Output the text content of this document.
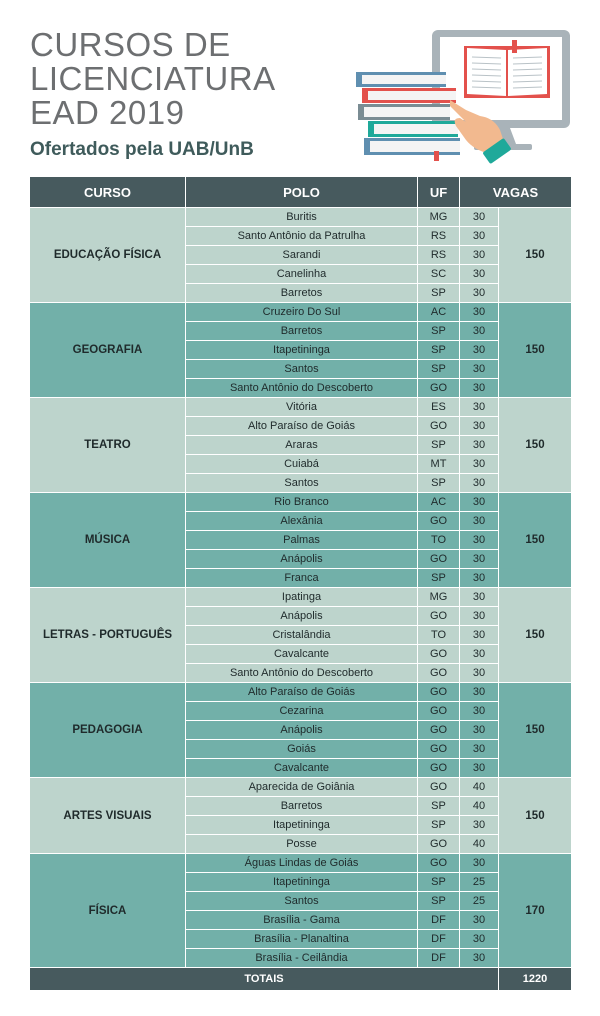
CURSOS DE
LICENCIATURA
EAD 2019
Ofertados pela UAB/UnB
CURSO	POLO	UF	VAGAS	
EDUCAÇÃO FÍSICA	Buritis	MG	30	150
	Santo Antônio da Patrulha	RS	30	
	Sarandi	RS	30	
	Canelinha	SC	30	
	Barretos	SP	30	
GEOGRAFIA	Cruzeiro Do Sul	AC	30	150
	Barretos	SP	30	
	Itapetininga	SP	30	
	Santos	SP	30	
	Santo Antônio do Descoberto	GO	30	
TEATRO	Vitória	ES	30	150
	Alto Paraíso de Goiás	GO	30	
	Araras	SP	30	
	Cuiabá	MT	30	
	Santos	SP	30	
MÚSICA	Rio Branco	AC	30	150
	Alexânia	GO	30	
	Palmas	TO	30	
	Anápolis	GO	30	
	Franca	SP	30	
LETRAS - PORTUGUÊS	Ipatinga	MG	30	150
	Anápolis	GO	30	
	Cristalândia	TO	30	
	Cavalcante	GO	30	
	Santo Antônio do Descoberto	GO	30	
PEDAGOGIA	Alto Paraíso de Goiás	GO	30	150
	Cezarina	GO	30	
	Anápolis	GO	30	
	Goiás	GO	30	
	Cavalcante	GO	30	
ARTES VISUAIS	Aparecida de Goiânia	GO	40	150
	Barretos	SP	40	
	Itapetininga	SP	30	
	Posse	GO	40	
FÍSICA	Águas Lindas de Goiás	GO	30	170
	Itapetininga	SP	25	
	Santos	SP	25	
	Brasília - Gama	DF	30	
	Brasília - Planaltina	DF	30	
	Brasília - Ceilândia	DF	30	
TOTAIS				1220
